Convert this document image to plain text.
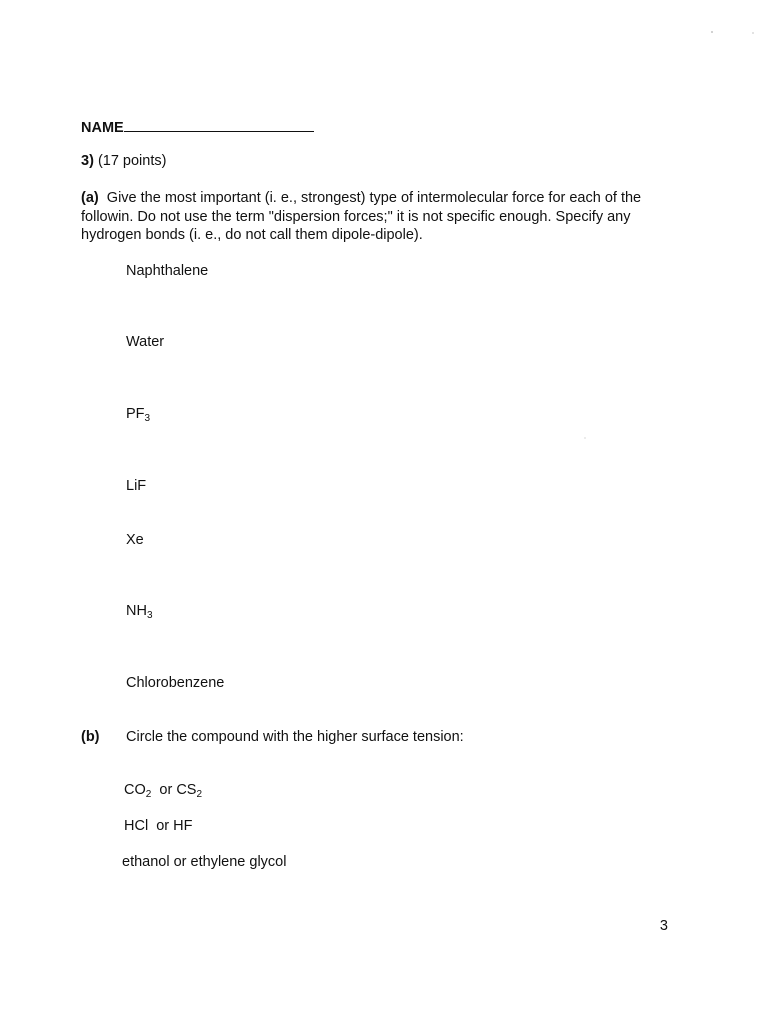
NAME
3) (17 points)
(a) Give the most important (i. e., strongest) type of intermolecular force for each of the
followin. Do not use the term "dispersion forces;" it is not specific enough. Specify any
hydrogen bonds (i. e., do not call them dipole-dipole).
Naphthalene
Water
$PF_3$
LiF
Xe
$NH_3$
Chlorobenzene
(b) Circle the compound with the higher surface tension:
$CO_2$ or $CS_2$
HCl or HF
ethanol or ethylene glycol
3
